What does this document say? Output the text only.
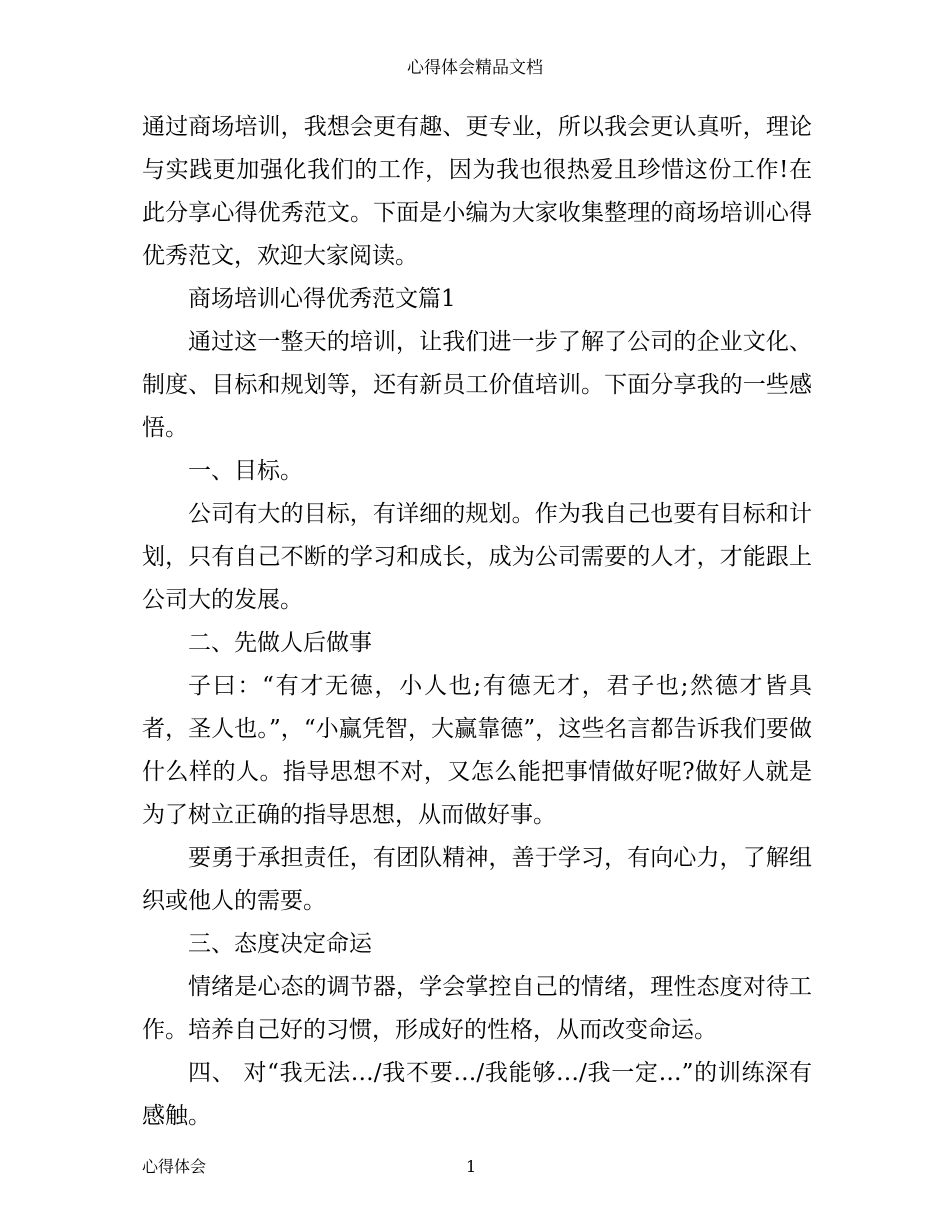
心得体会精品文档

通过商场培训，我想会更有趣、更专业，所以我会更认真听，理论与实践更加强化我们的工作，因为我也很热爱且珍惜这份工作!在此分享心得优秀范文。下面是小编为大家收集整理的商场培训心得优秀范文，欢迎大家阅读。

商场培训心得优秀范文篇1

通过这一整天的培训，让我们进一步了解了公司的企业文化、制度、目标和规划等，还有新员工价值培训。下面分享我的一些感悟。

一、目标。

公司有大的目标，有详细的规划。作为我自己也要有目标和计划，只有自己不断的学习和成长，成为公司需要的人才，才能跟上公司大的发展。

二、先做人后做事

子曰：“有才无德，小人也;有德无才，君子也;然德才皆具者，圣人也。”，“小赢凭智，大赢靠德”，这些名言都告诉我们要做什么样的人。指导思想不对，又怎么能把事情做好呢?做好人就是为了树立正确的指导思想，从而做好事。

要勇于承担责任，有团队精神，善于学习，有向心力，了解组织或他人的需要。

三、态度决定命运

情绪是心态的调节器，学会掌控自己的情绪，理性态度对待工作。培养自己好的习惯，形成好的性格，从而改变命运。

四、 对“我无法…/我不要…/我能够…/我一定…”的训练深有感触。

心得体会	1
